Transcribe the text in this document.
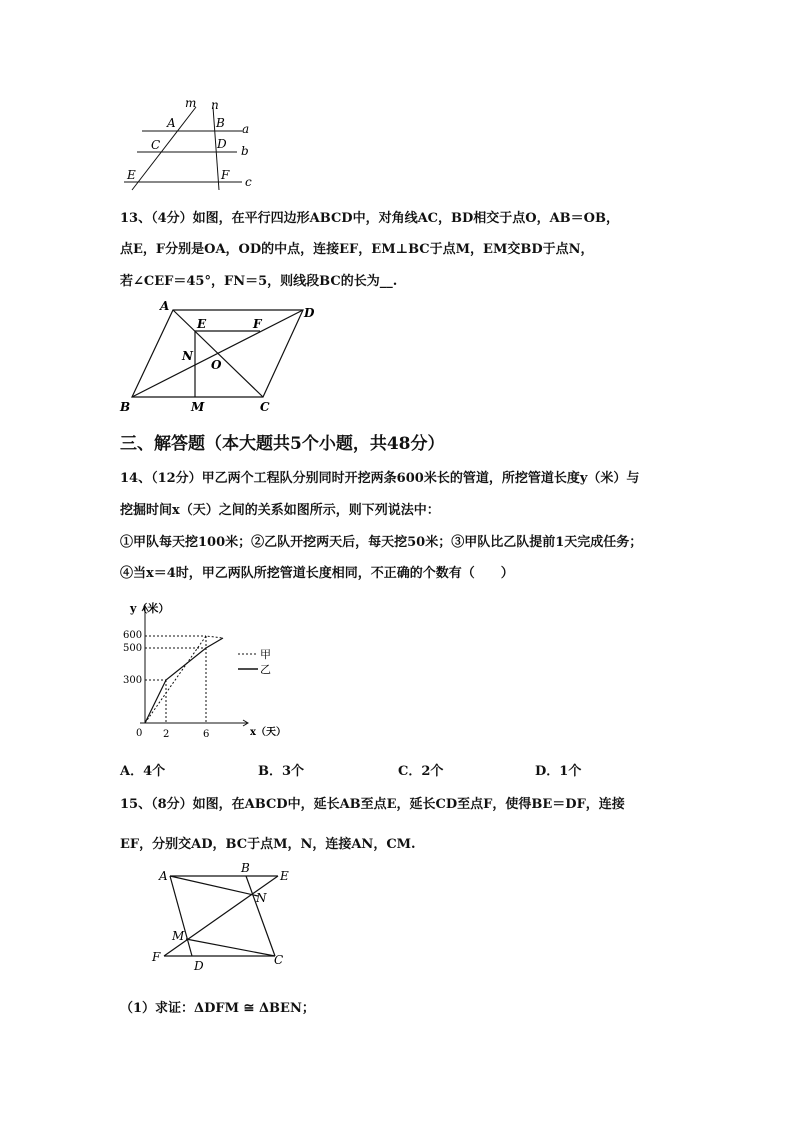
m n
A	B a
C	D b
E	F c
13、（4分）如图，在平行四边形ABCD中，对角线AC，BD相交于点O，AB＝OB，
点E，F分别是OA，OD的中点，连接EF，EM⊥BC于点M，EM交BD于点N，
若∠CEF＝45°，FN＝5，则线段BC的长为__.
A	D
B	C
E	F
N
O
M
三、解答题（本大题共5个小题，共48分）
14、（12分）甲乙两个工程队分别同时开挖两条600米长的管道，所挖管道长度y（米）与
挖掘时间x（天）之间的关系如图所示，则下列说法中：
①甲队每天挖100米；②乙队开挖两天后，每天挖50米；③甲队比乙队提前1天完成任务；
④当x＝4时，甲乙两队所挖管道长度相同，不正确的个数有（　　）
y（米）
600
500
300
0 2	6	x（天）
甲
乙
A．4个	B．3个	C．2个	D．1个
15、（8分）如图，在ABCD中，延长AB至点E，延长CD至点F，使得BE＝DF，连接
EF，分别交AD，BC于点M，N，连接AN，CM.
A
B
E
N
M
F
D	C
（1）求证：ΔDFM ≅ ΔBEN；
